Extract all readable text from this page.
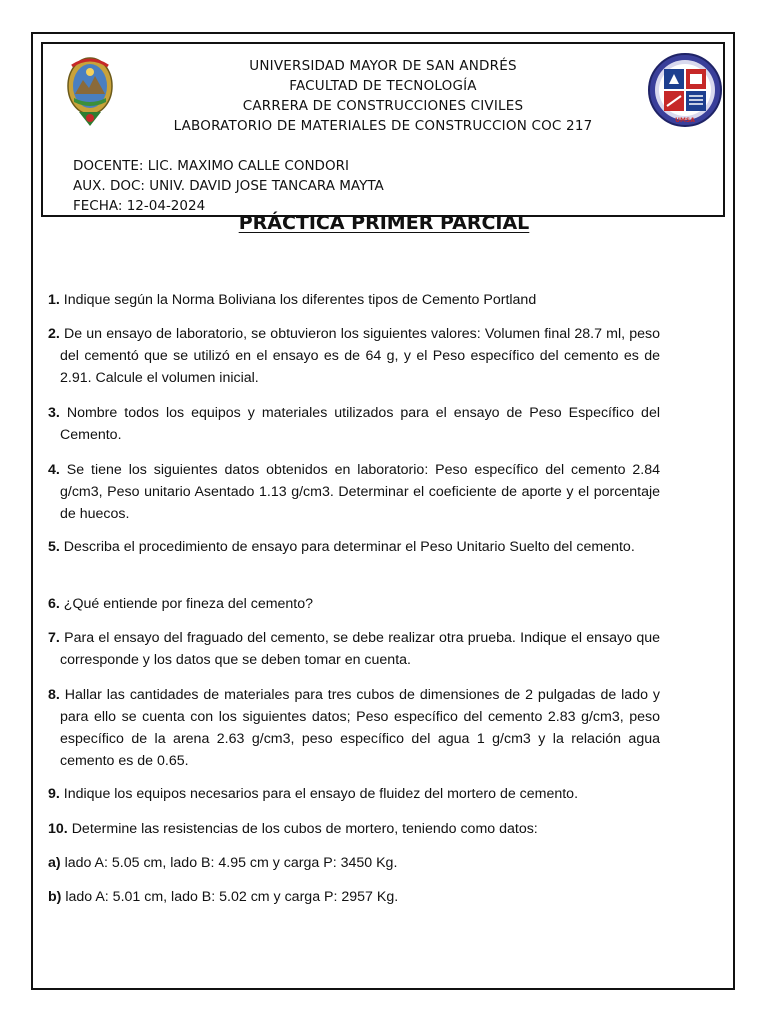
UNIVERSIDAD MAYOR DE SAN ANDRÉS
FACULTAD DE TECNOLOGÍA
CARRERA DE CONSTRUCCIONES CIVILES
LABORATORIO DE MATERIALES DE CONSTRUCCION COC 217	UMSA
DOCENTE: LIC. MAXIMO CALLE CONDORI
AUX. DOC: UNIV. DAVID JOSE TANCARA MAYTA
FECHA: 12-04-2024
PRÁCTICA PRIMER PARCIAL
1. Indique según la Norma Boliviana los diferentes tipos de Cemento Portland
2. De un ensayo de laboratorio, se obtuvieron los siguientes valores: Volumen final 28.7 ml, peso del cementó que se utilizó en el ensayo es de 64 g, y el Peso específico del cemento es de 2.91. Calcule el volumen inicial.
3. Nombre todos los equipos y materiales utilizados para el ensayo de Peso Específico del Cemento.
4. Se tiene los siguientes datos obtenidos en laboratorio: Peso específico del cemento 2.84 g/cm3, Peso unitario Asentado 1.13 g/cm3. Determinar el coeficiente de aporte y el porcentaje de huecos.
5. Describa el procedimiento de ensayo para determinar el Peso Unitario Suelto del cemento.
6. ¿Qué entiende por fineza del cemento?
7. Para el ensayo del fraguado del cemento, se debe realizar otra prueba. Indique el ensayo que corresponde y los datos que se deben tomar en cuenta.
8. Hallar las cantidades de materiales para tres cubos de dimensiones de 2 pulgadas de lado y para ello se cuenta con los siguientes datos; Peso específico del cemento 2.83 g/cm3, peso específico de la arena 2.63 g/cm3, peso específico del agua 1 g/cm3 y la relación agua cemento es de 0.65.
9. Indique los equipos necesarios para el ensayo de fluidez del mortero de cemento.
10. Determine las resistencias de los cubos de mortero, teniendo como datos:
a) lado A: 5.05 cm, lado B: 4.95 cm y carga P: 3450 Kg.
b) lado A: 5.01 cm, lado B: 5.02 cm y carga P: 2957 Kg.
